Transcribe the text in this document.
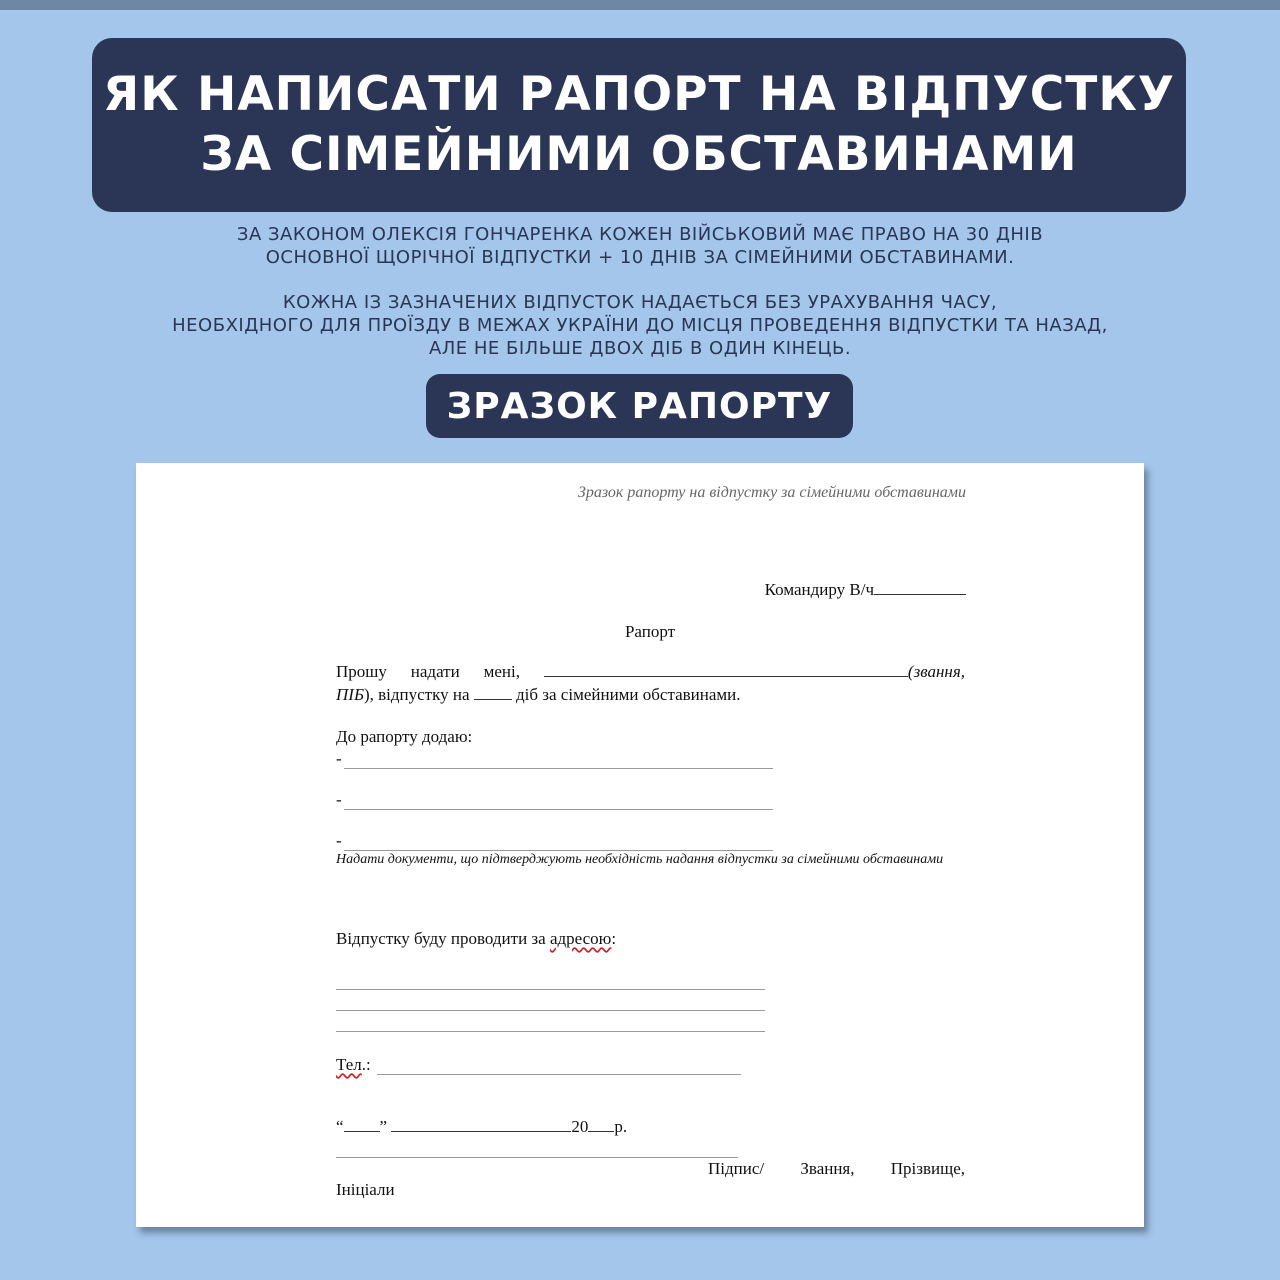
ЯК НАПИСАТИ РАПОРТ НА ВІДПУСТКУ
ЗА СІМЕЙНИМИ ОБСТАВИНАМИ

ЗА ЗАКОНОМ ОЛЕКСІЯ ГОНЧАРЕНКА КОЖЕН ВІЙСЬКОВИЙ МАЄ ПРАВО НА 30 ДНІВ

ОСНОВНОЇ ЩОРІЧНОЇ ВІДПУСТКИ + 10 ДНІВ ЗА СІМЕЙНИМИ ОБСТАВИНАМИ.

КОЖНА ІЗ ЗАЗНАЧЕНИХ ВІДПУСТОК НАДАЄТЬСЯ БЕЗ УРАХУВАННЯ ЧАСУ,

НЕОБХІДНОГО ДЛЯ ПРОЇЗДУ В МЕЖАХ УКРАЇНИ ДО МІСЦЯ ПРОВЕДЕННЯ ВІДПУСТКИ ТА НАЗАД,

АЛЕ НЕ БІЛЬШЕ ДВОХ ДІБ В ОДИН КІНЕЦЬ.

ЗРАЗОК РАПОРТУ
Зразок рапорту на відпустку за сімейними обставинами
Командиру В/ч
Рапорт
Прошу надати мені,	(звання,
ПІБ), відпустку на	діб за сімейними обставинами.
До рапорту додаю:
-
-
-
Надати документи, що підтверджують необхідність надання відпустки за сімейними обставинами
Відпустку буду проводити за адресою:
Тел .:
“ ”	20 р.
Підпис/ Звання, Прізвище,
Ініціали
